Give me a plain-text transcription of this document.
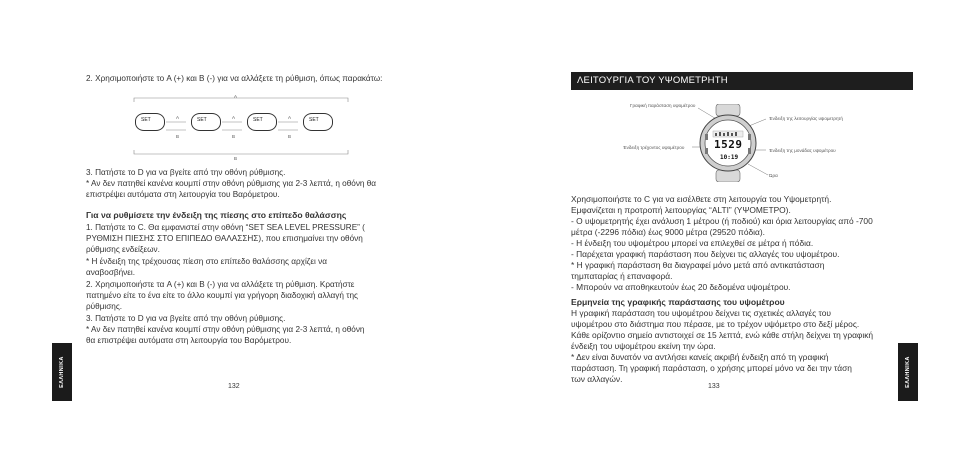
2. Χρησιμοποιήστε το A (+) και B (-) για να αλλάξετε τη ρύθμιση, όπως παρακάτω:
A
B
A
B
A
B
A
B
SET	SET	SET	SET
3. Πατήστε το D για να βγείτε από την οθόνη ρύθμισης.
* Αν δεν πατηθεί κανένα κουμπί στην οθόνη ρύθμισης για 2-3 λεπτά, η οθόνη θα
επιστρέψει αυτόματα στη λειτουργία του Βαρόμετρου.
Για να ρυθμίσετε την ένδειξη της πίεσης στο επίπεδο θαλάσσης
1. Πατήστε το C. Θα εμφανιστεί στην οθόνη “SET SEA LEVEL PRESSURE” (
ΡΥΘΜΙΣΗ ΠΙΕΣΗΣ ΣΤΟ ΕΠΙΠΕΔΟ ΘΑΛΑΣΣΗΣ), που επισημαίνει την οθόνη
ρύθμισης ενδείξεων.
* Η ένδειξη της τρέχουσας πίεση στο επίπεδο θαλάσσης αρχίζει να
αναβοσβήνει.
2. Χρησιμοποιήστε τα A (+) και B (-) για να αλλάξετε τη ρύθμιση. Κρατήστε
πατημένο είτε το ένα είτε το άλλο κουμπί για γρήγορη διαδοχική αλλαγή της
ρύθμισης.
3. Πατήστε το D για να βγείτε από την οθόνη ρύθμισης.
* Αν δεν πατηθεί κανένα κουμπί στην οθόνη ρύθμισης για 2-3 λεπτά, η οθόνη
θα επιστρέψει αυτόματα στη λειτουργία του Βαρόμετρου.
ΕΛΛΗΝΙΚΑ	132
ΛΕΙΤΟΥΡΓΙΑ ΤΟΥ ΥΨΟΜΕΤΡΗΤΗ
Γραφική παράσταση υψομέτρου
Ένδειξη της λειτουργίας υψομετρητή
Ένδειξη τρέχοντος υψομέτρου
Ένδειξη της μονάδας υψομέτρου
Ώρα
1529
10:19
Χρησιμοποιήστε το C για να εισέλθετε στη λειτουργία του Υψομετρητή.
Εμφανίζεται η προτροπή λειτουργίας “ALTI” (ΥΨΟΜΕΤΡΟ).
- Ο υψομετρητής έχει ανάλυση 1 μέτρου (ή ποδιού) και όρια λειτουργίας από -700
μέτρα (-2296 πόδια) έως 9000 μέτρα (29520 πόδια).
- Η ένδειξη του υψομέτρου μπορεί να επιλεχθεί σε μέτρα ή πόδια.
- Παρέχεται γραφική παράσταση που δείχνει τις αλλαγές του υψομέτρου.
* Η γραφική παράσταση θα διαγραφεί μόνο μετά από αντικατάσταση
τημπαταρίας ή επαναφορά.
- Μπορούν να αποθηκευτούν έως 20 δεδομένα υψομέτρου.
Ερμηνεία της γραφικής παράστασης του υψομέτρου
Η γραφική παράσταση του υψομέτρου δείχνει τις σχετικές αλλαγές του
υψομέτρου στο διάστημα που πέρασε, με το τρέχον υψόμετρο στο δεξί μέρος.
Κάθε ορίζοντιο σημείο αντιστοιχεί σε 15 λεπτά, ενώ κάθε στήλη δείχνει τη γραφική
ένδειξη του υψομέτρου εκείνη την ώρα.
* Δεν είναι δυνατόν να αντλήσει κανείς ακριβή ένδειξη από τη γραφική
παράσταση. Τη γραφική παράσταση, ο χρήσης μπορεί μόνο να δει την τάση
των αλλαγών.	ΕΛΛΗΝΙΚΑ
133
